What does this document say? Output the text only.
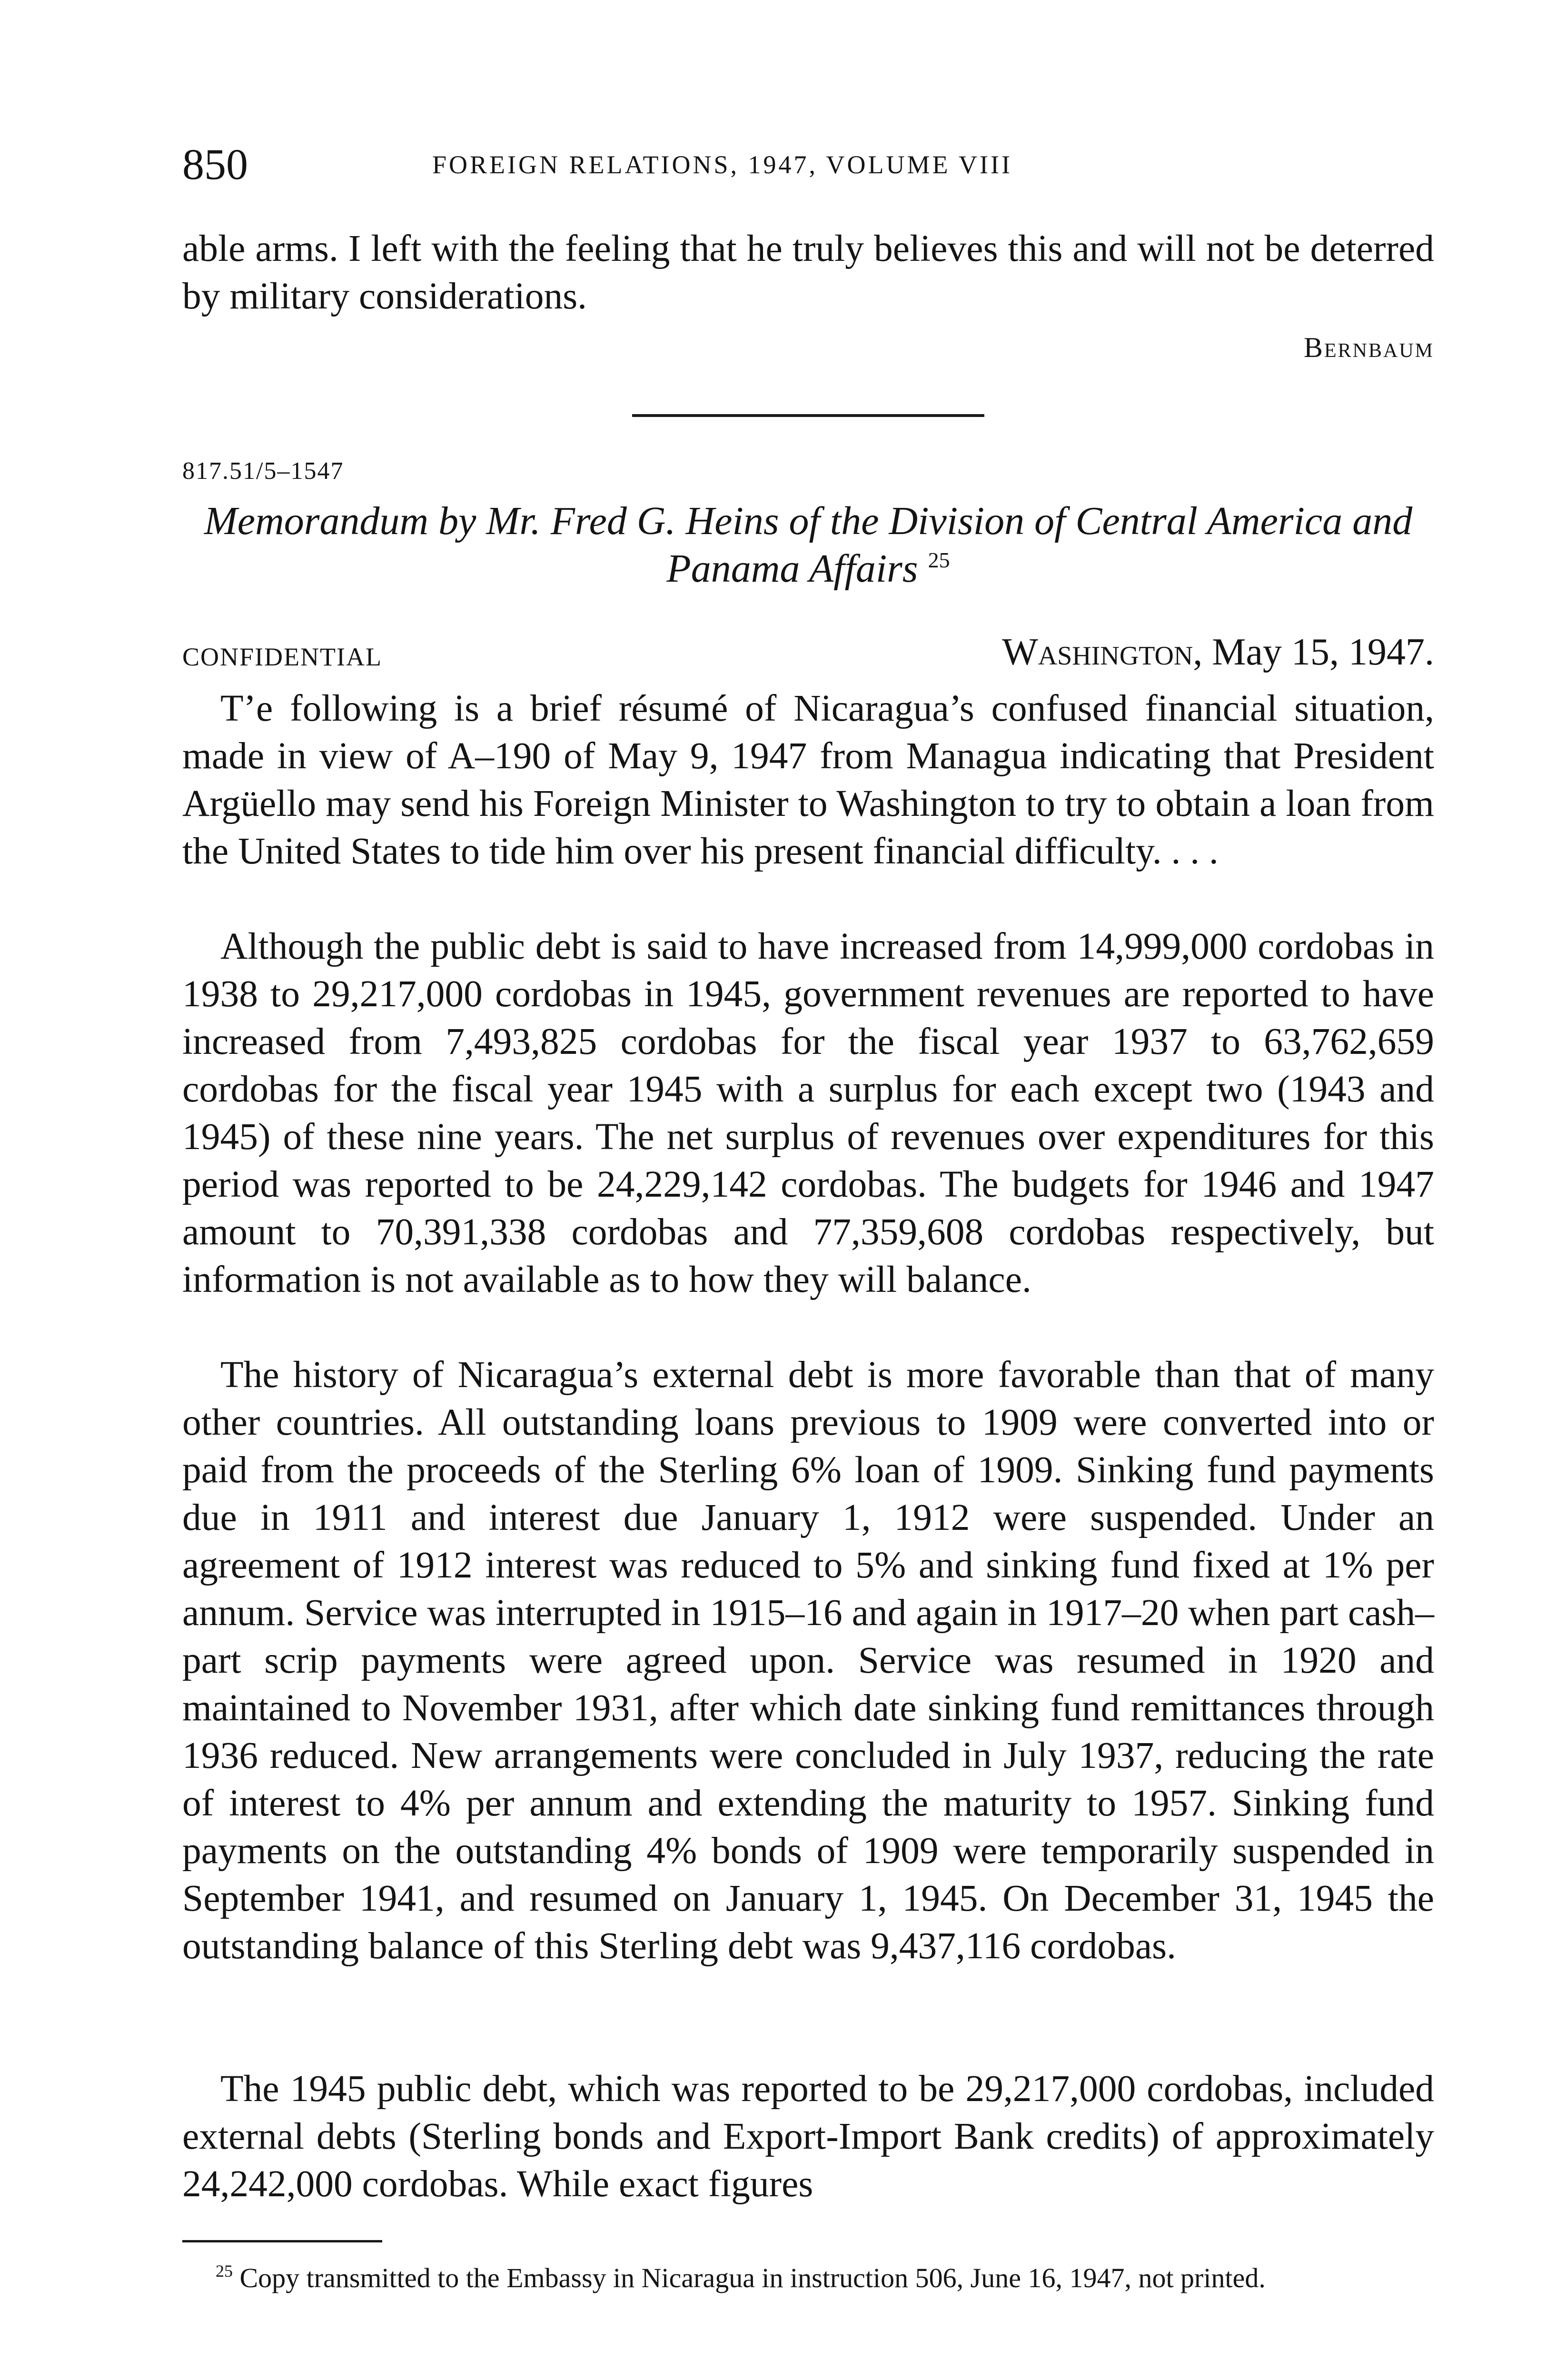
850	FOREIGN RELATIONS, 1947, VOLUME VIII

able arms. I left with the feeling that he truly believes this and will not be deterred by military considerations.

Bernbaum
817.51/5–1547

Memorandum by Mr. Fred G. Heins of the Division of Central America and Panama Affairs $^{25}$

CONFIDENTIAL	Washington, May 15, 1947.

Tʼe following is a brief résumé of Nicaragua’s confused financial situation, made in view of A–190 of May 9, 1947 from Managua indicating that President Argüello may send his Foreign Minister to Washington to try to obtain a loan from the United States to tide him over his present financial difficulty. . . .

Although the public debt is said to have increased from 14,999,000 cordobas in 1938 to 29,217,000 cordobas in 1945, government revenues are reported to have increased from 7,493,825 cordobas for the fiscal year 1937 to 63,762,659 cordobas for the fiscal year 1945 with a surplus for each except two (1943 and 1945) of these nine years. The net surplus of revenues over expenditures for this period was reported to be 24,229,142 cordobas. The budgets for 1946 and 1947 amount to 70,391,338 cordobas and 77,359,608 cordobas respectively, but information is not available as to how they will balance.

The history of Nicaragua’s external debt is more favorable than that of many other countries. All outstanding loans previous to 1909 were converted into or paid from the proceeds of the Sterling 6% loan of 1909. Sinking fund payments due in 1911 and interest due January 1, 1912 were suspended. Under an agreement of 1912 interest was reduced to 5% and sinking fund fixed at 1% per annum. Service was interrupted in 1915–16 and again in 1917–20 when part cash–part scrip payments were agreed upon. Service was resumed in 1920 and maintained to November 1931, after which date sinking fund remittances through 1936 reduced. New arrangements were concluded in July 1937, reducing the rate of interest to 4% per annum and extending the maturity to 1957. Sinking fund payments on the outstanding 4% bonds of 1909 were temporarily suspended in September 1941, and resumed on January 1, 1945. On December 31, 1945 the outstanding balance of this Sterling debt was 9,437,116 cordobas.

The 1945 public debt, which was reported to be 29,217,000 cordobas, included external debts (Sterling bonds and Export-Import Bank credits) of approximately 24,242,000 cordobas. While exact figures

$^{25}$ Copy transmitted to the Embassy in Nicaragua in instruction 506, June 16, 1947, not printed.
